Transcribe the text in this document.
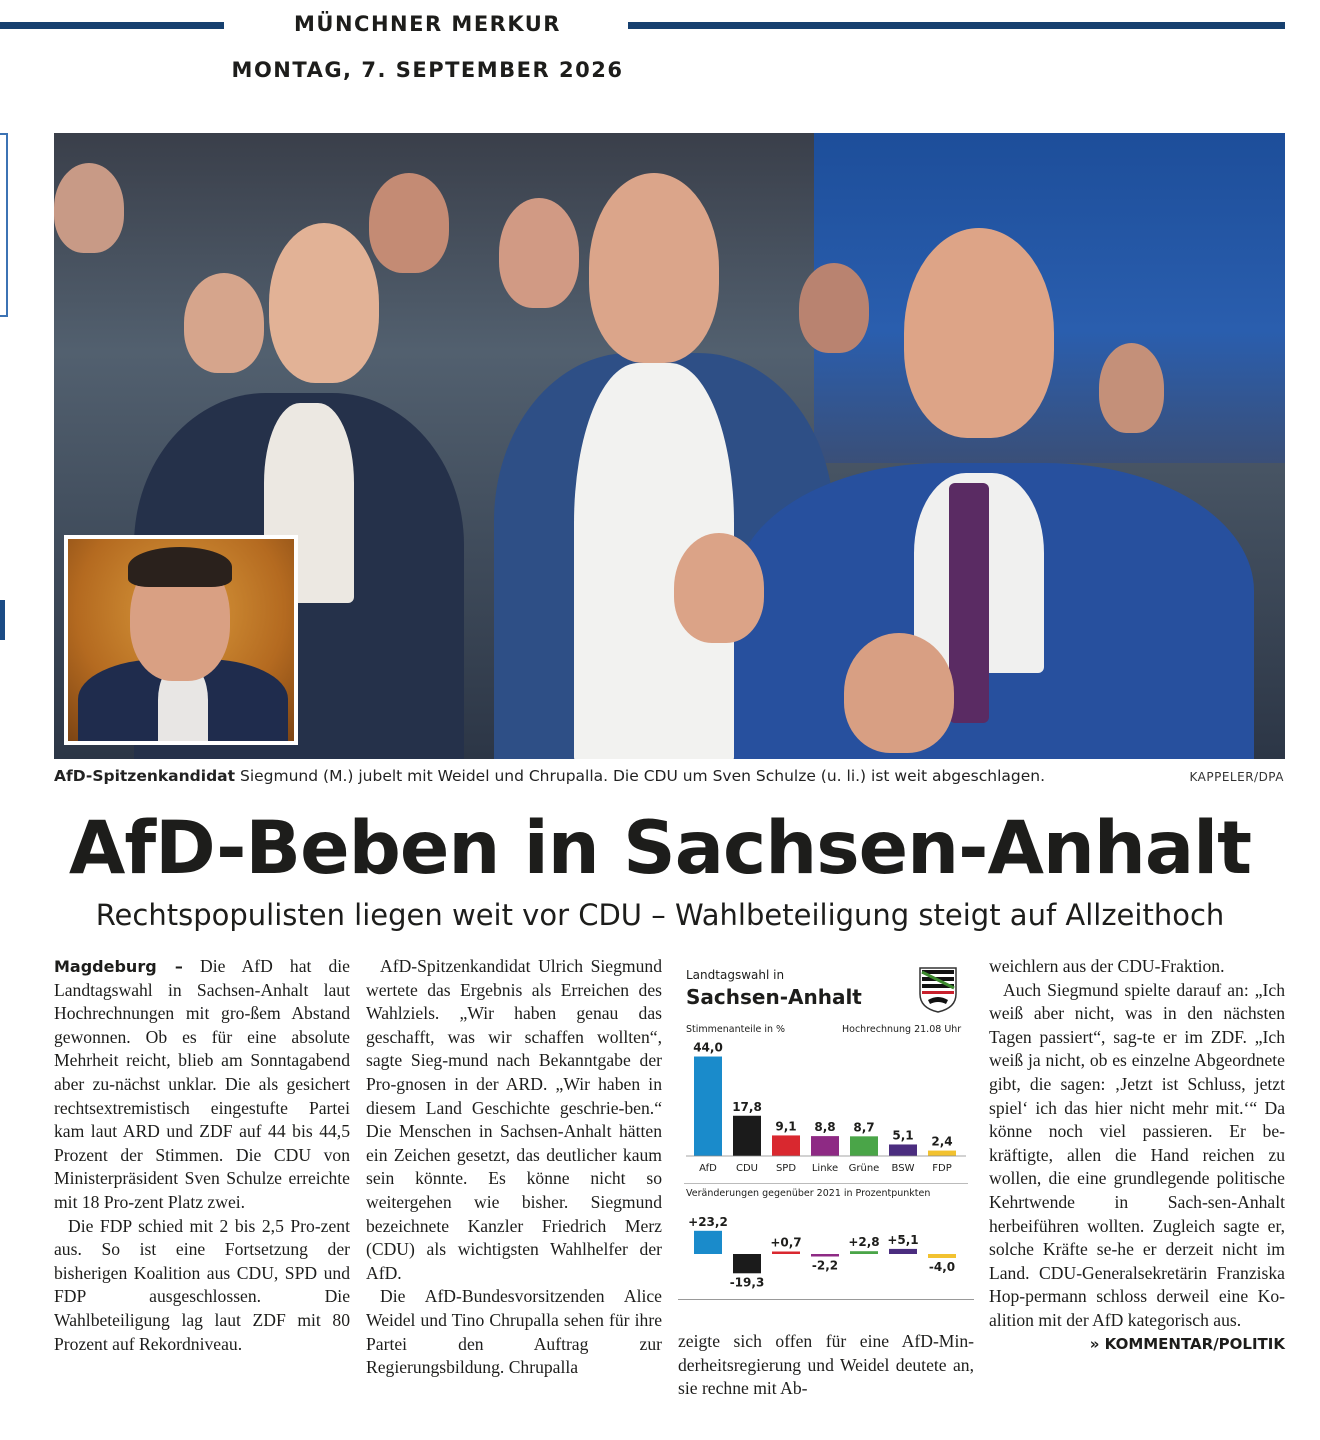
MÜNCHNER MERKUR
MONTAG, 7. SEPTEMBER 2026
AfD-Spitzenkandidat Siegmund (M.) jubelt mit Weidel und Chrupalla. Die CDU um Sven Schulze (u. li.) ist weit abgeschlagen.	KAPPELER/DPA
AfD-Beben in Sachsen-Anhalt
Rechtspopulisten liegen weit vor CDU – Wahlbeteiligung steigt auf Allzeithoch

Magdeburg – Die AfD hat die Landtagswahl in Sachsen-Anhalt laut Hochrechnungen mit gro-ßem Abstand gewonnen. Ob es für eine absolute Mehrheit reicht, blieb am Sonntagabend aber zu-nächst unklar. Die als gesichert rechtsextremistisch eingestufte Partei kam laut ARD und ZDF auf 44 bis 44,5 Prozent der Stimmen. Die CDU von Ministerpräsident Sven Schulze erreichte mit 18 Pro-zent Platz zwei.

Die FDP schied mit 2 bis 2,5 Pro-zent aus. So ist eine Fortsetzung der bisherigen Koalition aus CDU, SPD und FDP ausgeschlossen. Die Wahlbeteiligung lag laut ZDF mit 80 Prozent auf Rekordniveau.

AfD-Spitzenkandidat Ulrich Siegmund wertete das Ergebnis als Erreichen des Wahlziels. „Wir haben genau das geschafft, was wir schaffen wollten“, sagte Sieg-mund nach Bekanntgabe der Pro-gnosen in der ARD. „Wir haben in diesem Land Geschichte geschrie-ben.“ Die Menschen in Sachsen-Anhalt hätten ein Zeichen gesetzt, das deutlicher kaum sein könnte. Es könne nicht so weitergehen wie bisher. Siegmund bezeichnete Kanzler Friedrich Merz (CDU) als wichtigsten Wahlhelfer der AfD.

Die AfD-Bundesvorsitzenden Alice Weidel und Tino Chrupalla sehen für ihre Partei den Auftrag zur Regierungsbildung. Chrupalla

Landtagswahl in
Sachsen-Anhalt
Stimmenanteile in %	Hochrechnung 21.08 Uhr
44,0
AfD
17,8
CDU
9,1
SPD
8,8
Linke
8,7
Grüne
5,1
BSW
2,4
FDP
Veränderungen gegenüber 2021 in Prozentpunkten
+23,2
-19,3
+0,7
-2,2
+2,8 +5,1
-4,0

zeigte sich offen für eine AfD-Min-derheitsregierung und Weidel deutete an, sie rechne mit Ab-

weichlern aus der CDU-Fraktion.

Auch Siegmund spielte darauf an: „Ich weiß aber nicht, was in den nächsten Tagen passiert“, sag-te er im ZDF. „Ich weiß ja nicht, ob es einzelne Abgeordnete gibt, die sagen: ‚Jetzt ist Schluss, jetzt spiel‘ ich das hier nicht mehr mit.‘“ Da könne noch viel passieren. Er be-kräftigte, allen die Hand reichen zu wollen, die eine grundlegende politische Kehrtwende in Sach-sen-Anhalt herbeiführen wollten. Zugleich sagte er, solche Kräfte se-he er derzeit nicht im Land. CDU-Generalsekretärin Franziska Hop-permann schloss derweil eine Ko-alition mit der AfD kategorisch aus.
» KOMMENTAR/POLITIK
